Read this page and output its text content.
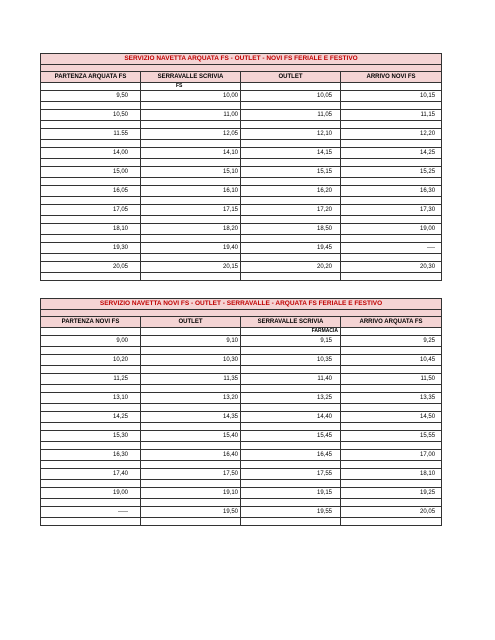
SERVIZIO NAVETTA ARQUATA FS - OUTLET - NOVI FS FERIALE E FESTIVO			

PARTENZA ARQUATA FS	SERRAVALLE SCRIVIA	OUTLET	ARRIVO NOVI FS
	FS		
9,50	10,00	10,05	10,15

10,50	11,00	11,05	11,15

11.55	12,05	12,10	12,20

14,00	14,10	14,15	14,25

15,00	15,10	15,15	15,25

16,05	16,10	16,20	16,30

17,05	17,15	17,20	17,30

18,10	18,20	18,50	19,00

19,30	19,40	19,45	----

20,05	20,15	20,20	20,30

SERVIZIO NAVETTA NOVI FS - OUTLET - SERRAVALLE - ARQUATA FS FERIALE E FESTIVO			

PARTENZA NOVI FS	OUTLET	SERRAVALLE SCRIVIA	ARRIVO ARQUATA FS
		FARMACIA	
9,00	9,10	9,15	9,25

10,20	10,30	10,35	10,45

11,25	11,35	11,40	11,50

13,10	13,20	13,25	13,35

14,25	14,35	14,40	14,50

15,30	15,40	15,45	15,55

16,30	16,40	16,45	17,00

17,40	17,50	17,55	18,10

19,00	19,10	19,15	19,25

-----	19,50	19,55	20,05
